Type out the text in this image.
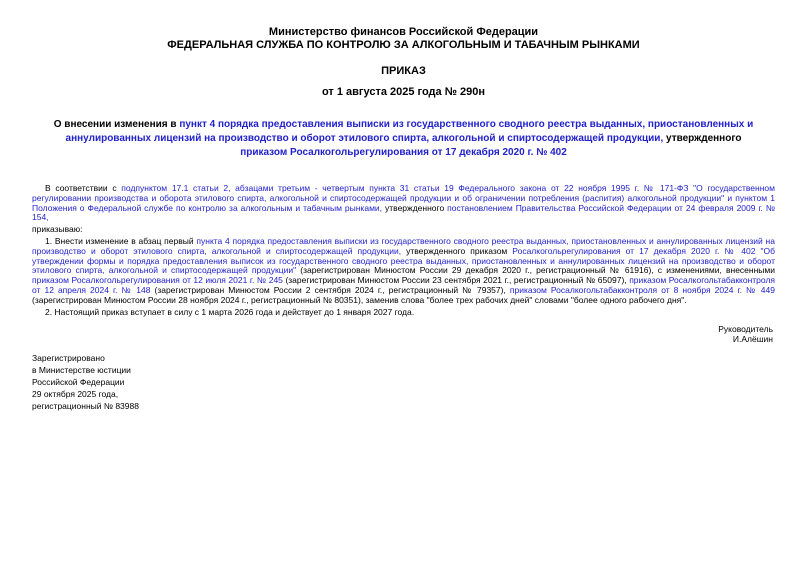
Министерство финансов Российской Федерации
ФЕДЕРАЛЬНАЯ СЛУЖБА ПО КОНТРОЛЮ ЗА АЛКОГОЛЬНЫМ И ТАБАЧНЫМ РЫНКАМИ
ПРИКАЗ
от 1 августа 2025 года № 290н
О внесении изменения в пункт 4 порядка предоставления выписки из государственного сводного реестра выданных, приостановленных и аннулированных лицензий на производство и оборот этилового спирта, алкогольной и спиртосодержащей продукции, утвержденного приказом Росалкогольрегулирования от 17 декабря 2020 г. № 402

В соответствии с подпунктом 17.1 статьи 2, абзацами третьим - четвертым пункта 31 статьи 19 Федерального закона от 22 ноября 1995 г. № 171-ФЗ "О государственном регулировании производства и оборота этилового спирта, алкогольной и спиртосодержащей продукции и об ограничении потребления (распития) алкогольной продукции" и пунктом 1 Положения о Федеральной службе по контролю за алкогольным и табачным рынками, утвержденного постановлением Правительства Российской Федерации от 24 февраля 2009 г. № 154,

приказываю:

1. Внести изменение в абзац первый пункта 4 порядка предоставления выписки из государственного сводного реестра выданных, приостановленных и аннулированных лицензий на производство и оборот этилового спирта, алкогольной и спиртосодержащей продукции, утвержденного приказом Росалкогольрегулирования от 17 декабря 2020 г. № 402 "Об утверждении формы и порядка предоставления выписок из государственного сводного реестра выданных, приостановленных и аннулированных лицензий на производство и оборот этилового спирта, алкогольной и спиртосодержащей продукции" (зарегистрирован Минюстом России 29 декабря 2020 г., регистрационный № 61916), с изменениями, внесенными приказом Росалкогольрегулирования от 12 июля 2021 г. № 245 (зарегистрирован Минюстом России 23 сентября 2021 г., регистрационный № 65097), приказом Росалкогольтабакконтроля от 12 апреля 2024 г. № 148 (зарегистрирован Минюстом России 2 сентября 2024 г., регистрационный № 79357), приказом Росалкогольтабакконтроля от 8 ноября 2024 г. № 449 (зарегистрирован Минюстом России 28 ноября 2024 г., регистрационный № 80351), заменив слова "более трех рабочих дней" словами "более одного рабочего дня".

2. Настоящий приказ вступает в силу с 1 марта 2026 года и действует до 1 января 2027 года.

Руководитель
И.Алёшин
Зарегистрировано
в Министерстве юстиции
Российской Федерации
29 октября 2025 года,
регистрационный № 83988
